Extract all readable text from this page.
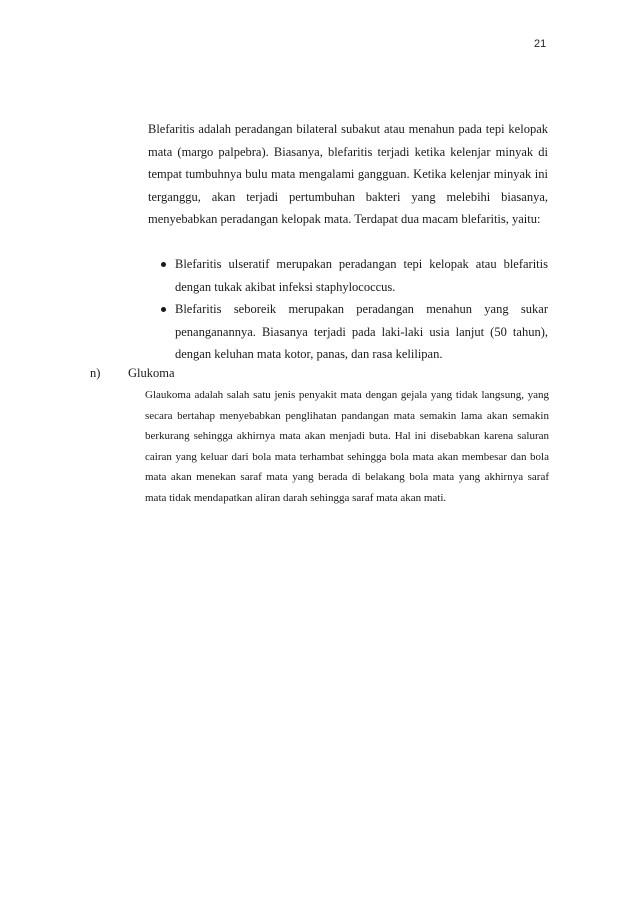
21

Blefaritis adalah peradangan bilateral subakut atau menahun pada tepi kelopak mata (margo palpebra). Biasanya, blefaritis terjadi ketika kelenjar minyak di tempat tumbuhnya bulu mata mengalami gangguan. Ketika kelenjar minyak ini terganggu, akan terjadi pertumbuhan bakteri yang melebihi biasanya, menyebabkan peradangan kelopak mata. Terdapat dua macam blefaritis, yaitu:

Blefaritis ulseratif merupakan peradangan tepi kelopak atau blefaritis dengan tukak akibat infeksi staphylococcus.
Blefaritis seboreik merupakan peradangan menahun yang sukar penanganannya. Biasanya terjadi pada laki-laki usia lanjut (50 tahun), dengan keluhan mata kotor, panas, dan rasa kelilipan.

n) Glukoma

Glaukoma adalah salah satu jenis penyakit mata dengan gejala yang tidak langsung, yang secara bertahap menyebabkan penglihatan pandangan mata semakin lama akan semakin berkurang sehingga akhirnya mata akan menjadi buta. Hal ini disebabkan karena saluran cairan yang keluar dari bola mata terhambat sehingga bola mata akan membesar dan bola mata akan menekan saraf mata yang berada di belakang bola mata yang akhirnya saraf mata tidak mendapatkan aliran darah sehingga saraf mata akan mati.
